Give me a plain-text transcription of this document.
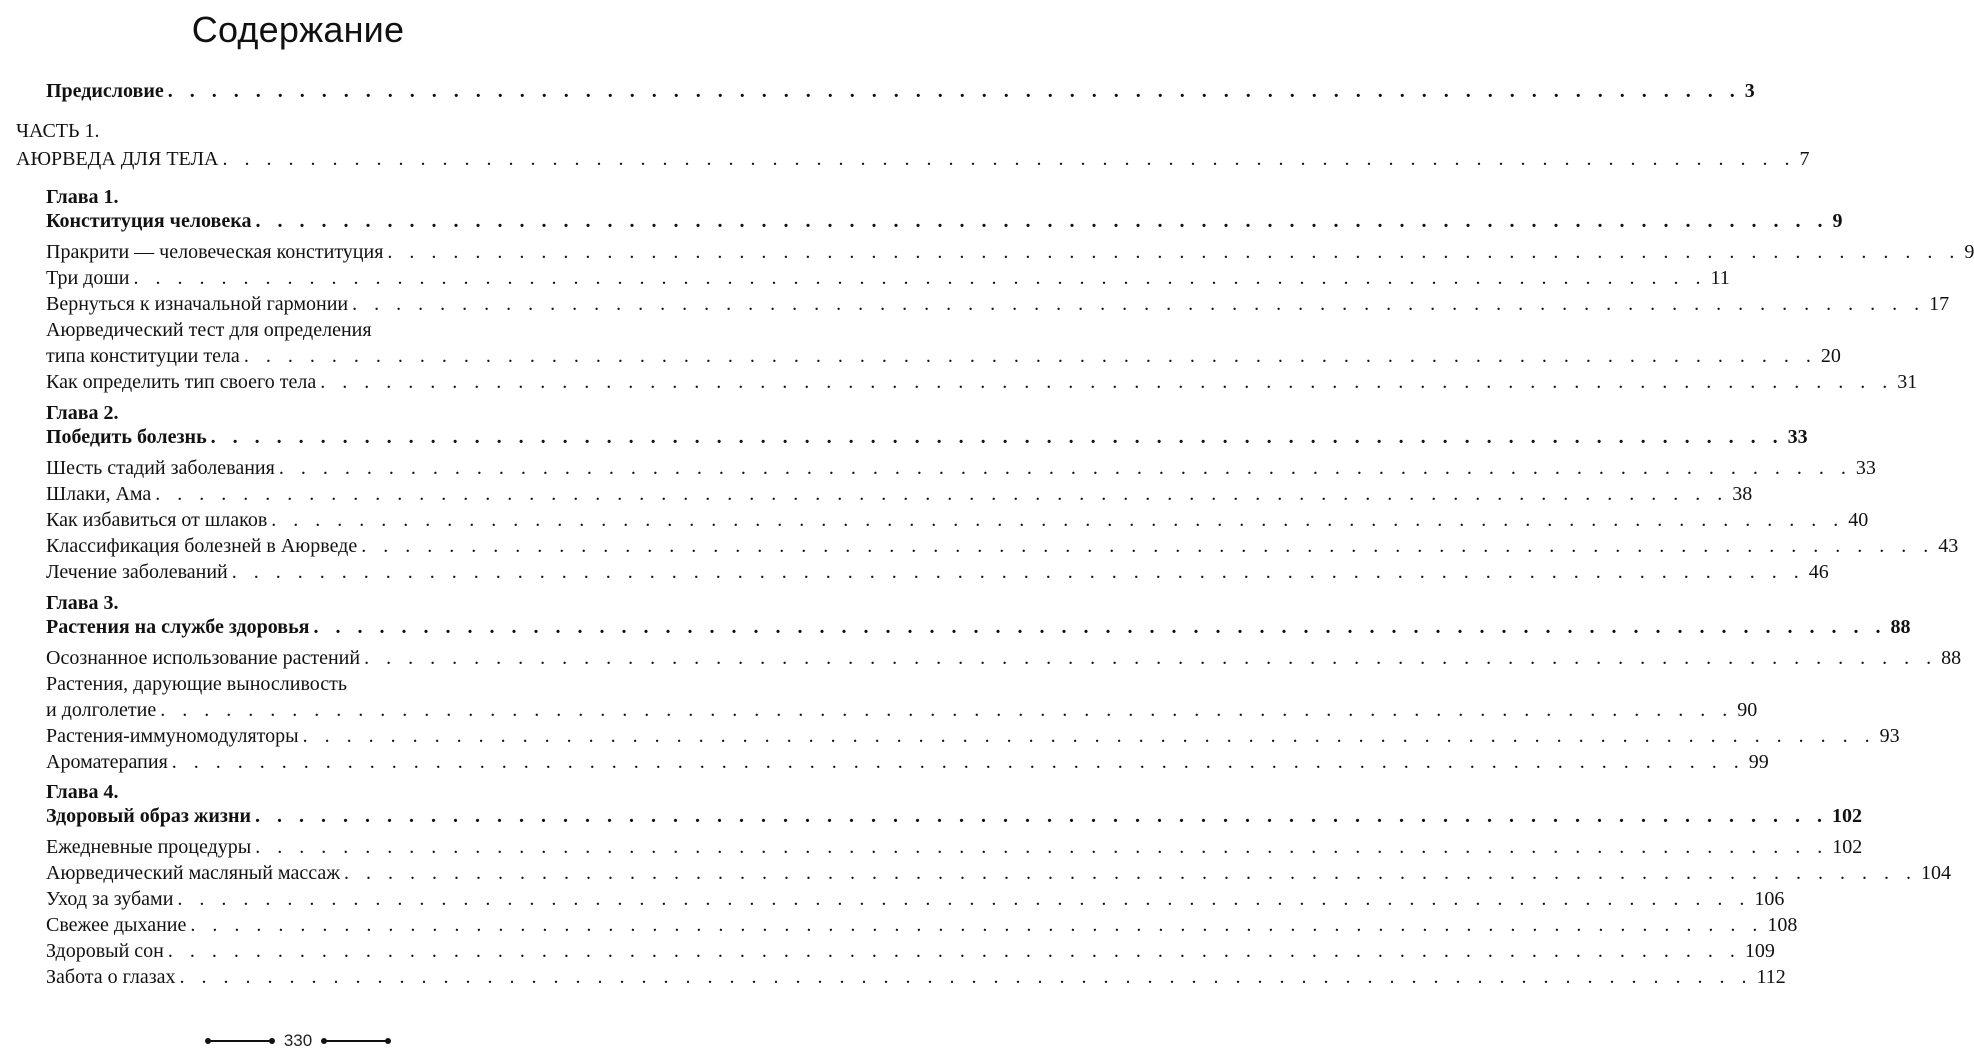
Содержание
Предисловие . . . . . . . . . . . . . . . . . . . . . . . . . . . . . . . . . . . . . . . . . . . . . . . . . . . . . . . . . . . . . . . . . . . . . . . . 3
ЧАСТЬ 1.
АЮРВЕДА ДЛЯ ТЕЛА . . . . . . . . . . . . . . . . . . . . . . . . . . . . . . . . . . . . . . . . . . . . . . . . . . . . . . . . . . . . . . . . . . . . . . . . 7
Глава 1.
Конституция человека . . . . . . . . . . . . . . . . . . . . . . . . . . . . . . . . . . . . . . . . . . . . . . . . . . . . . . . . . . . . . . . . . . . . . . . . 9
Пракрити — человеческая конституция . . . . . . . . . . . . . . . . . . . . . . . . . . . . . . . . . . . . . . . . . . . . . . . . . . . . . . . . . . . . . . . . . . . . . . . . 9
Три доши . . . . . . . . . . . . . . . . . . . . . . . . . . . . . . . . . . . . . . . . . . . . . . . . . . . . . . . . . . . . . . . . . . . . . . . . 11
Вернуться к изначальной гармонии . . . . . . . . . . . . . . . . . . . . . . . . . . . . . . . . . . . . . . . . . . . . . . . . . . . . . . . . . . . . . . . . . . . . . . . . 17
Аюрведический тест для определения
типа конституции тела . . . . . . . . . . . . . . . . . . . . . . . . . . . . . . . . . . . . . . . . . . . . . . . . . . . . . . . . . . . . . . . . . . . . . . . . 20
Как определить тип своего тела . . . . . . . . . . . . . . . . . . . . . . . . . . . . . . . . . . . . . . . . . . . . . . . . . . . . . . . . . . . . . . . . . . . . . . . . 31
Глава 2.
Победить болезнь . . . . . . . . . . . . . . . . . . . . . . . . . . . . . . . . . . . . . . . . . . . . . . . . . . . . . . . . . . . . . . . . . . . . . . . . 33
Шесть стадий заболевания . . . . . . . . . . . . . . . . . . . . . . . . . . . . . . . . . . . . . . . . . . . . . . . . . . . . . . . . . . . . . . . . . . . . . . . . 33
Шлаки, Ама . . . . . . . . . . . . . . . . . . . . . . . . . . . . . . . . . . . . . . . . . . . . . . . . . . . . . . . . . . . . . . . . . . . . . . . . 38
Как избавиться от шлаков . . . . . . . . . . . . . . . . . . . . . . . . . . . . . . . . . . . . . . . . . . . . . . . . . . . . . . . . . . . . . . . . . . . . . . . . 40
Классификация болезней в Аюрведе . . . . . . . . . . . . . . . . . . . . . . . . . . . . . . . . . . . . . . . . . . . . . . . . . . . . . . . . . . . . . . . . . . . . . . . . 43
Лечение заболеваний . . . . . . . . . . . . . . . . . . . . . . . . . . . . . . . . . . . . . . . . . . . . . . . . . . . . . . . . . . . . . . . . . . . . . . . . 46
Глава 3.
Растения на службе здоровья . . . . . . . . . . . . . . . . . . . . . . . . . . . . . . . . . . . . . . . . . . . . . . . . . . . . . . . . . . . . . . . . . . . . . . . . 88
Осознанное использование растений . . . . . . . . . . . . . . . . . . . . . . . . . . . . . . . . . . . . . . . . . . . . . . . . . . . . . . . . . . . . . . . . . . . . . . . . 88
Растения, дарующие выносливость
и долголетие . . . . . . . . . . . . . . . . . . . . . . . . . . . . . . . . . . . . . . . . . . . . . . . . . . . . . . . . . . . . . . . . . . . . . . . . 90
Растения-иммуномодуляторы . . . . . . . . . . . . . . . . . . . . . . . . . . . . . . . . . . . . . . . . . . . . . . . . . . . . . . . . . . . . . . . . . . . . . . . . 93
Ароматерапия . . . . . . . . . . . . . . . . . . . . . . . . . . . . . . . . . . . . . . . . . . . . . . . . . . . . . . . . . . . . . . . . . . . . . . . . 99
Глава 4.
Здоровый образ жизни . . . . . . . . . . . . . . . . . . . . . . . . . . . . . . . . . . . . . . . . . . . . . . . . . . . . . . . . . . . . . . . . . . . . . . . . 102
Ежедневные процедуры . . . . . . . . . . . . . . . . . . . . . . . . . . . . . . . . . . . . . . . . . . . . . . . . . . . . . . . . . . . . . . . . . . . . . . . . 102
Аюрведический масляный массаж . . . . . . . . . . . . . . . . . . . . . . . . . . . . . . . . . . . . . . . . . . . . . . . . . . . . . . . . . . . . . . . . . . . . . . . . 104
Уход за зубами . . . . . . . . . . . . . . . . . . . . . . . . . . . . . . . . . . . . . . . . . . . . . . . . . . . . . . . . . . . . . . . . . . . . . . . . 106
Свежее дыхание . . . . . . . . . . . . . . . . . . . . . . . . . . . . . . . . . . . . . . . . . . . . . . . . . . . . . . . . . . . . . . . . . . . . . . . . 108
Здоровый сон . . . . . . . . . . . . . . . . . . . . . . . . . . . . . . . . . . . . . . . . . . . . . . . . . . . . . . . . . . . . . . . . . . . . . . . . 109
Забота о глазах . . . . . . . . . . . . . . . . . . . . . . . . . . . . . . . . . . . . . . . . . . . . . . . . . . . . . . . . . . . . . . . . . . . . . . . . 112
330
